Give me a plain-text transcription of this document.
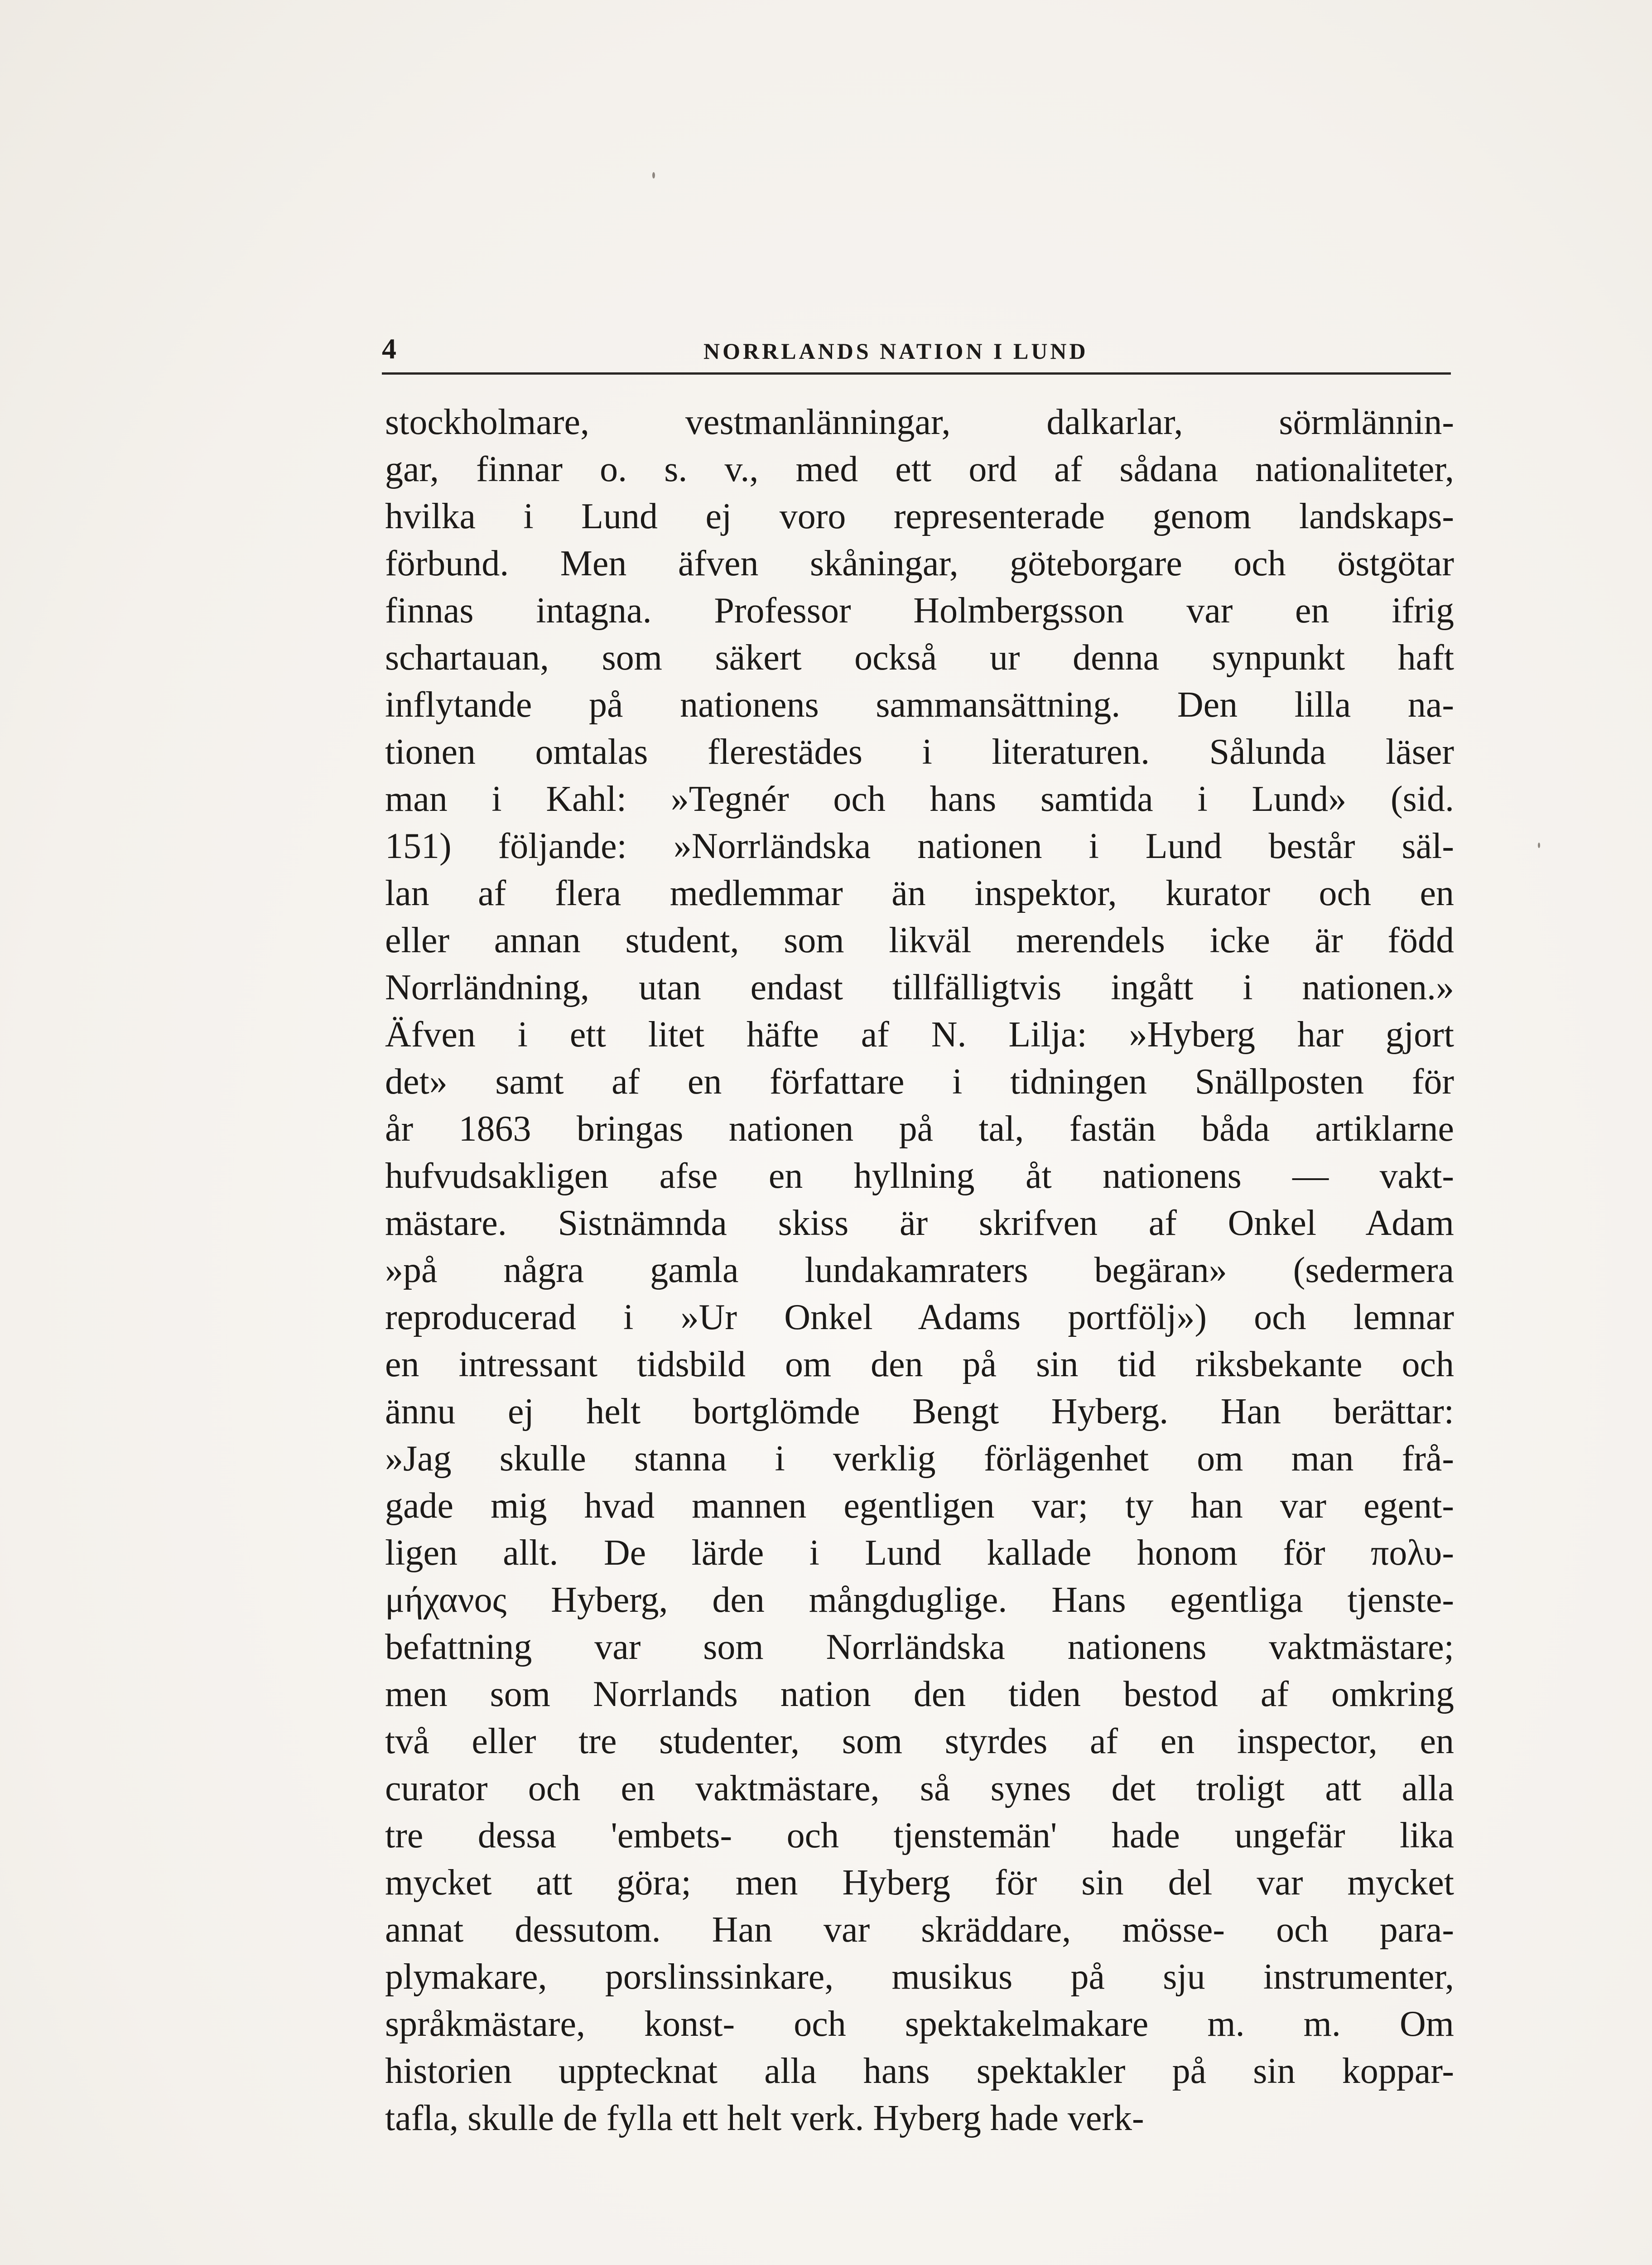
4	NORRLANDS NATION I LUND
stockholmare, vestmanlänningar, dalkarlar, sörmlännin-
gar, finnar o. s. v., med ett ord af sådana nationaliteter,
hvilka i Lund ej voro representerade genom landskaps-
förbund. Men äfven skåningar, göteborgare och östgötar
finnas intagna. Professor Holmbergsson var en ifrig
schartauan, som säkert också ur denna synpunkt haft
inflytande på nationens sammansättning. Den lilla na-
tionen omtalas flerestädes i literaturen. Sålunda läser
man i Kahl: »Tegnér och hans samtida i Lund» (sid.
151) följande: »Norrländska nationen i Lund består säl-
lan af flera medlemmar än inspektor, kurator och en
eller annan student, som likväl merendels icke är född
Norrländning, utan endast tillfälligtvis ingått i nationen.»
Äfven i ett litet häfte af N. Lilja: »Hyberg har gjort
det» samt af en författare i tidningen Snällposten för
år 1863 bringas nationen på tal, fastän båda artiklarne
hufvudsakligen afse en hyllning åt nationens — vakt-
mästare. Sistnämnda skiss är skrifven af Onkel Adam
»på några gamla lundakamraters begäran» (sedermera
reproducerad i »Ur Onkel Adams portfölj») och lemnar
en intressant tidsbild om den på sin tid riksbekante och
ännu ej helt bortglömde Bengt Hyberg. Han berättar:
»Jag skulle stanna i verklig förlägenhet om man frå-
gade mig hvad mannen egentligen var; ty han var egent-
ligen allt. De lärde i Lund kallade honom för πολυ-
μήχανος Hyberg, den mångduglige. Hans egentliga tjenste-
befattning var som Norrländska nationens vaktmästare;
men som Norrlands nation den tiden bestod af omkring
två eller tre studenter, som styrdes af en inspector, en
curator och en vaktmästare, så synes det troligt att alla
tre dessa 'embets- och tjenstemän' hade ungefär lika
mycket att göra; men Hyberg för sin del var mycket
annat dessutom. Han var skräddare, mösse- och para-
plymakare, porslinssinkare, musikus på sju instrumenter,
språkmästare, konst- och spektakelmakare m. m. Om
historien upptecknat alla hans spektakler på sin koppar-
tafla, skulle de fylla ett helt verk. Hyberg hade verk-
